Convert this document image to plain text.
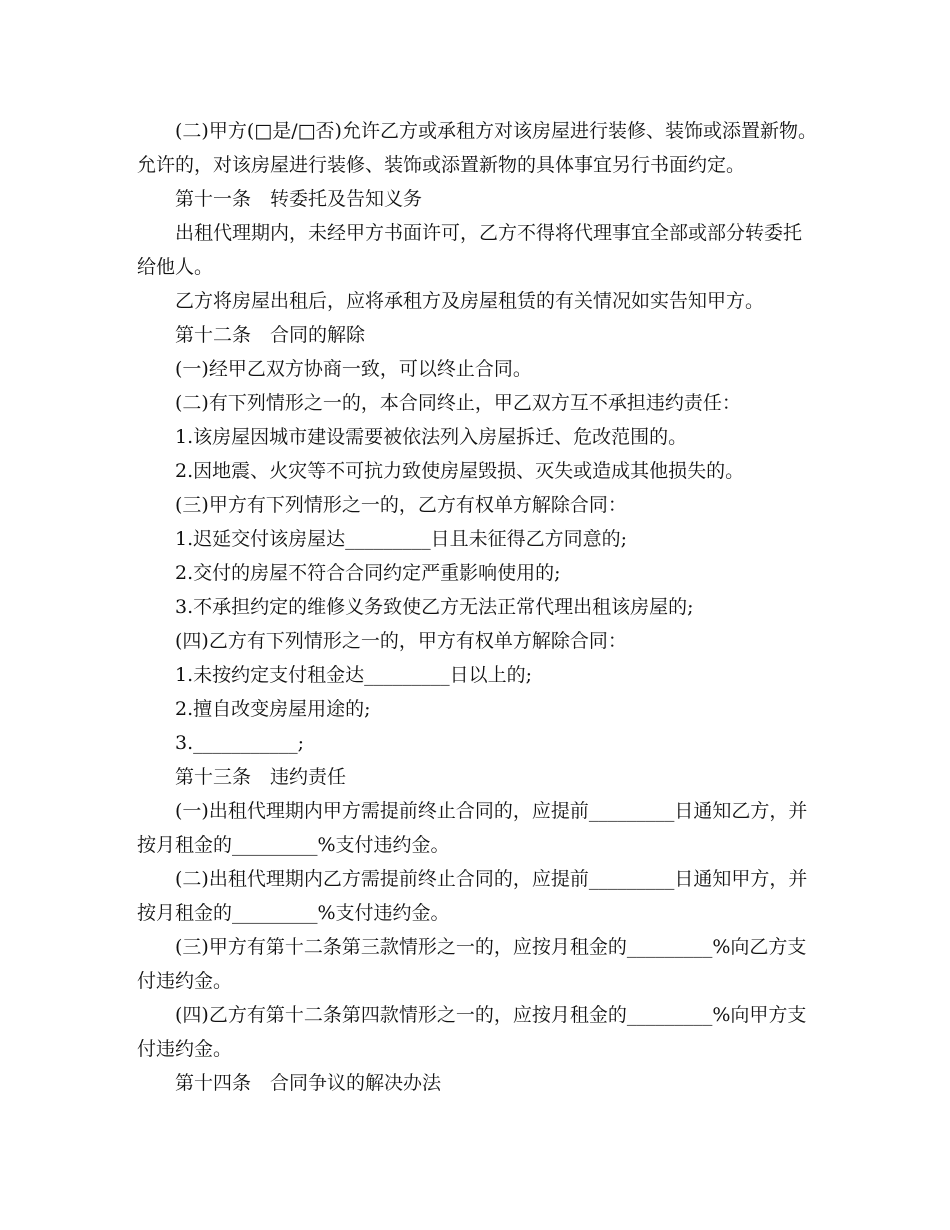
(二)甲方(□是/□否)允许乙方或承租方对该房屋进行装修、装饰或添置新物。允许的，对该房屋进行装修、装饰或添置新物的具体事宜另行书面约定。

第十一条　转委托及告知义务

出租代理期内，未经甲方书面许可，乙方不得将代理事宜全部或部分转委托给他人。

乙方将房屋出租后，应将承租方及房屋租赁的有关情况如实告知甲方。

第十二条　合同的解除

(一)经甲乙双方协商一致，可以终止合同。

(二)有下列情形之一的，本合同终止，甲乙双方互不承担违约责任：

1.该房屋因城市建设需要被依法列入房屋拆迁、危改范围的。

2.因地震、火灾等不可抗力致使房屋毁损、灭失或造成其他损失的。

(三)甲方有下列情形之一的，乙方有权单方解除合同：

1.迟延交付该房屋达_________日且未征得乙方同意的;

2.交付的房屋不符合合同约定严重影响使用的;

3.不承担约定的维修义务致使乙方无法正常代理出租该房屋的;

(四)乙方有下列情形之一的，甲方有权单方解除合同：

1.未按约定支付租金达_________日以上的;

2.擅自改变房屋用途的;

3.___________;

第十三条　违约责任

(一)出租代理期内甲方需提前终止合同的，应提前_________日通知乙方，并按月租金的_________%支付违约金。

(二)出租代理期内乙方需提前终止合同的，应提前_________日通知甲方，并按月租金的_________%支付违约金。

(三)甲方有第十二条第三款情形之一的，应按月租金的_________%向乙方支付违约金。

(四)乙方有第十二条第四款情形之一的，应按月租金的_________%向甲方支付违约金。

第十四条　合同争议的解决办法
